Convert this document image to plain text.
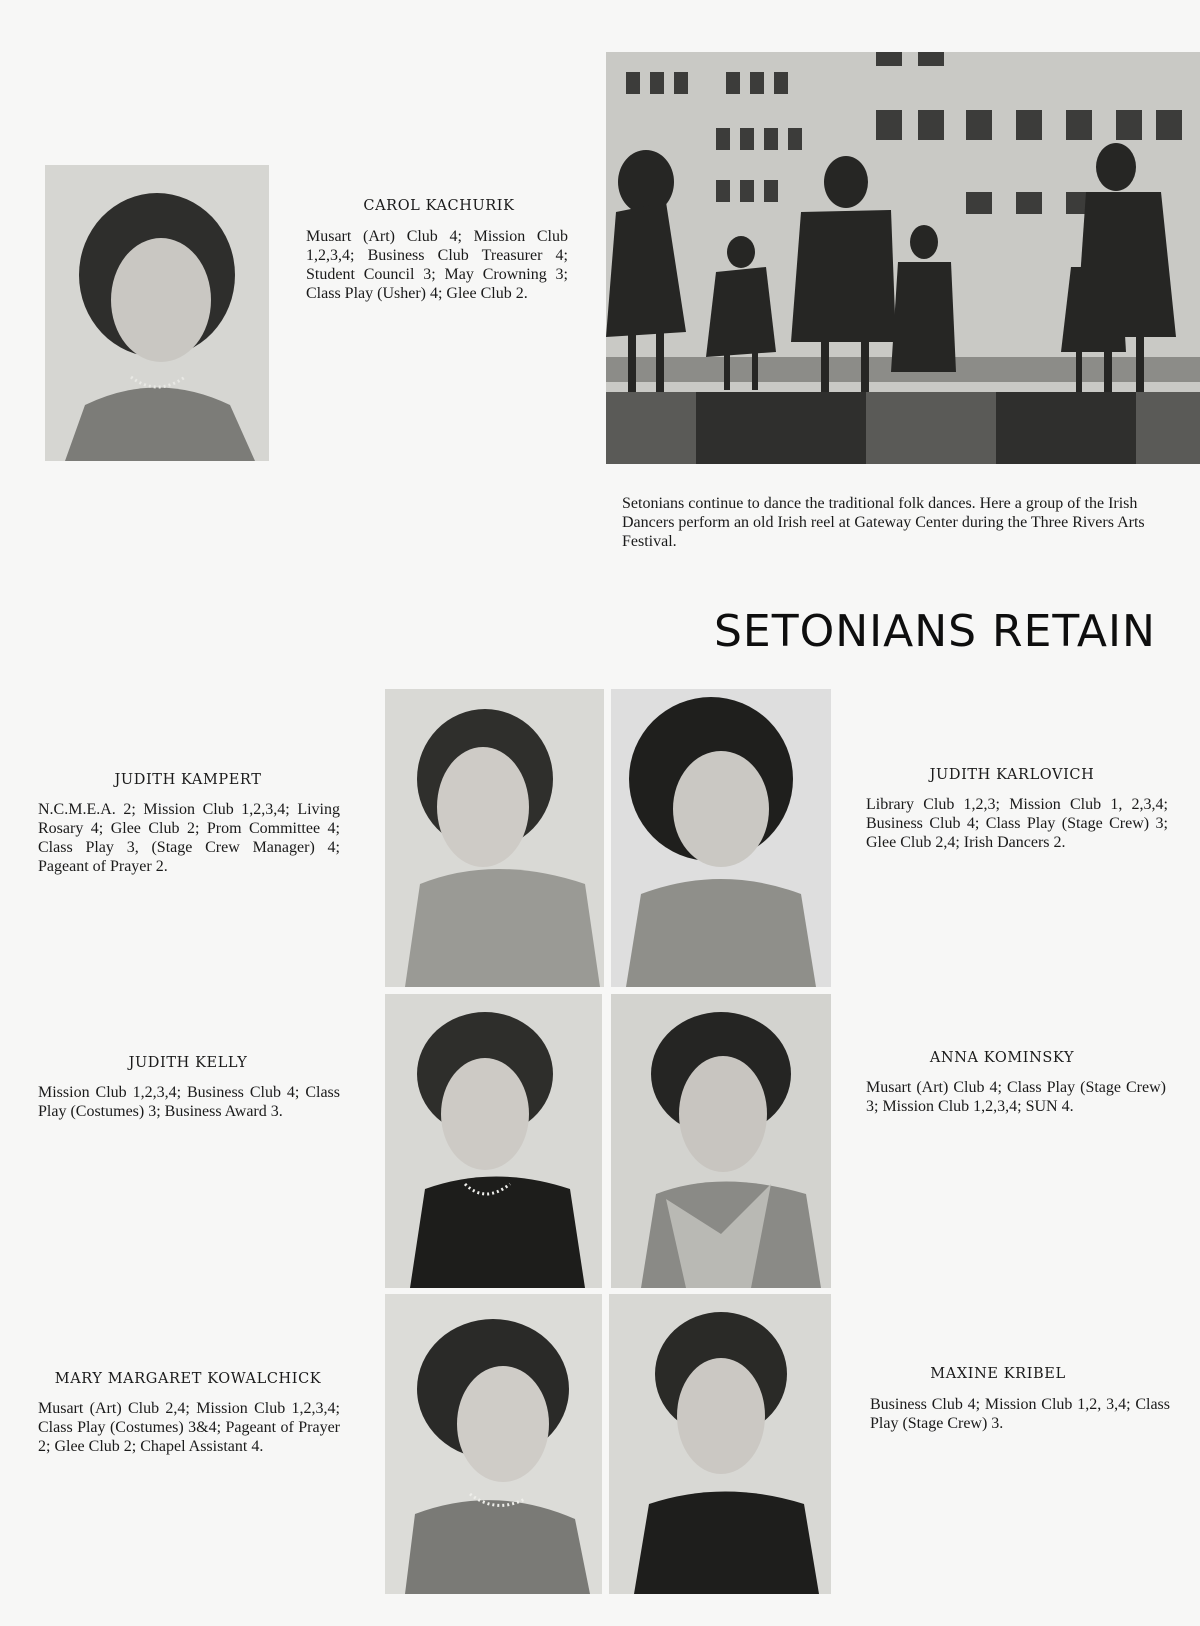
CAROL KACHURIK
Musart (Art) Club 4; Mission Club 1,2,3,4; Business Club Treasurer 4; Student Council 3; May Crowning 3; Class Play (Usher) 4; Glee Club 2.
Setonians continue to dance the traditional folk dances. Here a group of the Irish Dancers perform an old Irish reel at Gateway Center during the Three Rivers Arts Festival.
SETONIANS RETAIN
JUDITH KAMPERT
N.C.M.E.A. 2; Mission Club 1,2,3,4; Living Rosary 4; Glee Club 2; Prom Committee 4; Class Play 3, (Stage Crew Manager) 4; Pageant of Prayer 2.
JUDITH KARLOVICH
Library Club 1,2,3; Mission Club 1, 2,3,4; Business Club 4; Class Play (Stage Crew) 3; Glee Club 2,4; Irish Dancers 2.
JUDITH KELLY
Mission Club 1,2,3,4; Business Club 4; Class Play (Costumes) 3; Business Award 3.
ANNA KOMINSKY
Musart (Art) Club 4; Class Play (Stage Crew) 3; Mission Club 1,2,3,4; SUN 4.
MARY MARGARET KOWALCHICK
Musart (Art) Club 2,4; Mission Club 1,2,3,4; Class Play (Costumes) 3&4; Pageant of Prayer 2; Glee Club 2; Chapel Assistant 4.
MAXINE KRIBEL
Business Club 4; Mission Club 1,2, 3,4; Class Play (Stage Crew) 3.
